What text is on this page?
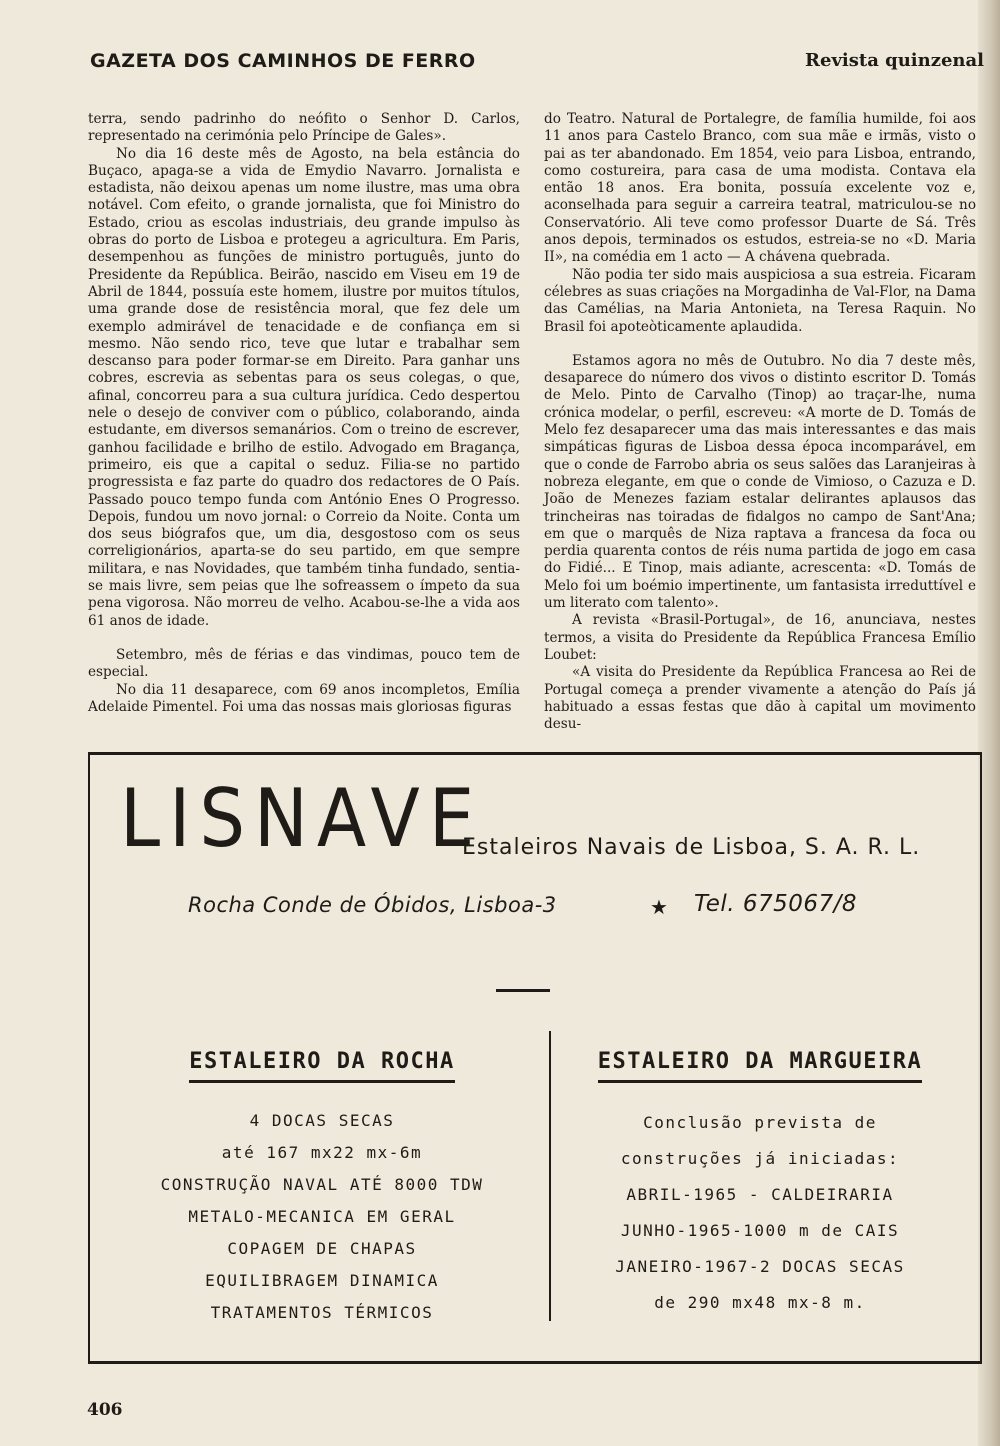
GAZETA DOS CAMINHOS DE FERRO	Revista quinzenal

terra, sendo padrinho do neófito o Senhor D. Carlos, representado na cerimónia pelo Príncipe de Gales».

No dia 16 deste mês de Agosto, na bela estância do Buçaco, apaga-se a vida de Emydio Navarro. Jornalista e estadista, não deixou apenas um nome ilustre, mas uma obra notável. Com efeito, o grande jornalista, que foi Ministro do Estado, criou as escolas industriais, deu grande impulso às obras do porto de Lisboa e protegeu a agricultura. Em Paris, desempenhou as funções de ministro português, junto do Presidente da República. Beirão, nascido em Viseu em 19 de Abril de 1844, possuía este homem, ilustre por muitos títulos, uma grande dose de resistência moral, que fez dele um exemplo admirável de tenacidade e de confiança em si mesmo. Não sendo rico, teve que lutar e trabalhar sem descanso para poder formar-se em Direito. Para ganhar uns cobres, escrevia as sebentas para os seus colegas, o que, afinal, concorreu para a sua cultura jurídica. Cedo despertou nele o desejo de conviver com o público, colaborando, ainda estudante, em diversos semanários. Com o treino de escrever, ganhou facilidade e brilho de estilo. Advogado em Bragança, primeiro, eis que a capital o seduz. Filia-se no partido progressista e faz parte do quadro dos redactores de O País. Passado pouco tempo funda com António Enes O Progresso. Depois, fundou um novo jornal: o Correio da Noite. Conta um dos seus biógrafos que, um dia, desgostoso com os seus correligionários, aparta-se do seu partido, em que sempre militara, e nas Novidades, que também tinha fundado, sentia-se mais livre, sem peias que lhe sofreassem o ímpeto da sua pena vigorosa. Não morreu de velho. Acabou-se-lhe a vida aos 61 anos de idade.

Setembro, mês de férias e das vindimas, pouco tem de especial.

No dia 11 desaparece, com 69 anos incompletos, Emília Adelaide Pimentel. Foi uma das nossas mais gloriosas figuras

do Teatro. Natural de Portalegre, de família humilde, foi aos 11 anos para Castelo Branco, com sua mãe e irmãs, visto o pai as ter abandonado. Em 1854, veio para Lisboa, entrando, como costureira, para casa de uma modista. Contava ela então 18 anos. Era bonita, possuía excelente voz e, aconselhada para seguir a carreira teatral, matriculou-se no Conservatório. Ali teve como professor Duarte de Sá. Três anos depois, terminados os estudos, estreia-se no «D. Maria II», na comédia em 1 acto — A chávena quebrada.

Não podia ter sido mais auspiciosa a sua estreia. Ficaram célebres as suas criações na Morgadinha de Val-Flor, na Dama das Camélias, na Maria Antonieta, na Teresa Raquin. No Brasil foi apoteòticamente aplaudida.

Estamos agora no mês de Outubro. No dia 7 deste mês, desaparece do número dos vivos o distinto escritor D. Tomás de Melo. Pinto de Carvalho (Tinop) ao traçar-lhe, numa crónica modelar, o perfil, escreveu: «A morte de D. Tomás de Melo fez desaparecer uma das mais interessantes e das mais simpáticas figuras de Lisboa dessa época incomparável, em que o conde de Farrobo abria os seus salões das Laranjeiras à nobreza elegante, em que o conde de Vimioso, o Cazuza e D. João de Menezes faziam estalar delirantes aplausos das trincheiras nas toiradas de fidalgos no campo de Sant'Ana; em que o marquês de Niza raptava a francesa da foca ou perdia quarenta contos de réis numa partida de jogo em casa do Fidié... E Tinop, mais adiante, acrescenta: «D. Tomás de Melo foi um boémio impertinente, um fantasista irreduttível e um literato com talento».

A revista «Brasil-Portugal», de 16, anunciava, nestes termos, a visita do Presidente da República Francesa Emílio Loubet:

«A visita do Presidente da República Francesa ao Rei de Portugal começa a prender vivamente a atenção do País já habituado a essas festas que dão à capital um movimento desu-

LISNAVE
Estaleiros Navais de Lisboa, S. A. R. L.
Rocha Conde de Óbidos, Lisboa-3	★ Tel. 675067/8
ESTALEIRO DA ROCHA
4 DOCAS SECAS
até 167 mx22 mx-6m
CONSTRUÇÃO NAVAL ATÉ 8000 TDW
METALO-MECANICA EM GERAL
COPAGEM DE CHAPAS
EQUILIBRAGEM DINAMICA
TRATAMENTOS TÉRMICOS
ESTALEIRO DA MARGUEIRA
Conclusão prevista de
construções já iniciadas:
ABRIL-1965 - CALDEIRARIA
JUNHO-1965-1000 m de CAIS
JANEIRO-1967-2 DOCAS SECAS
de 290 mx48 mx-8 m.
406
